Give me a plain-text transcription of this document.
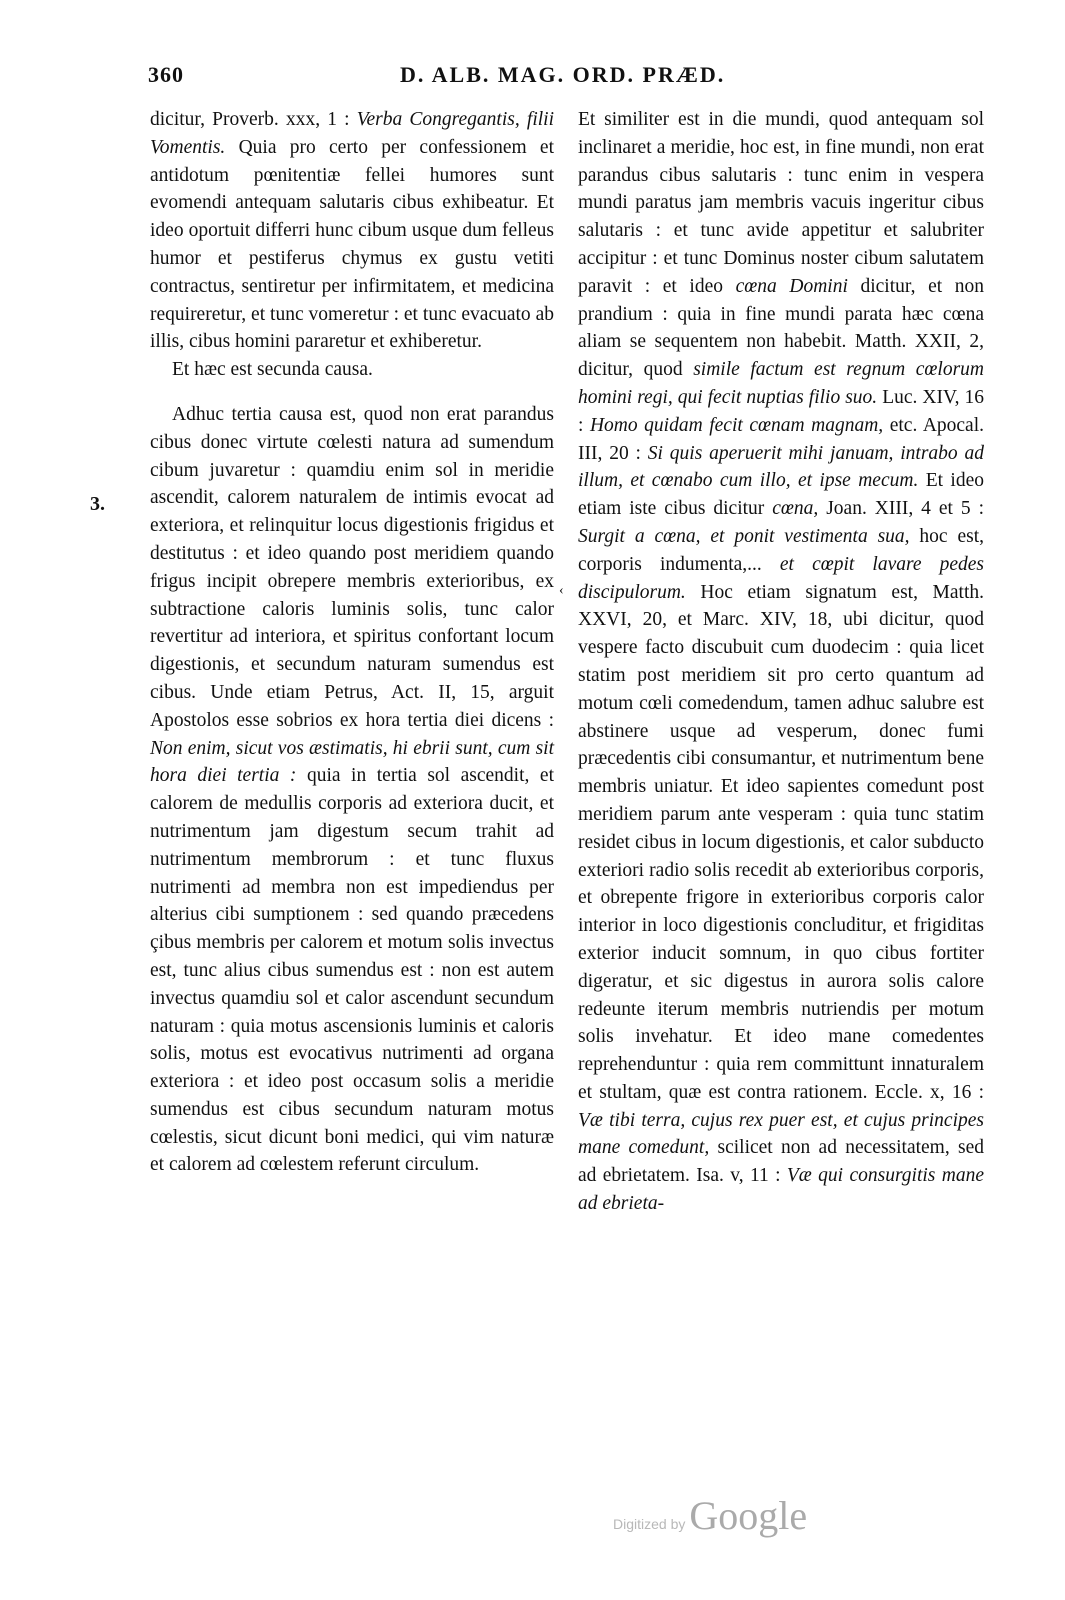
360	D. ALB. MAG. ORD. PRÆD.
3.
‹

dicitur, Proverb. xxx, 1 : Verba Congregantis, filii Vomentis. Quia pro certo per confessionem et antidotum pœnitentiæ fellei humores sunt evomendi antequam salutaris cibus exhibeatur. Et ideo oportuit differri hunc cibum usque dum felleus humor et pestiferus chymus ex gustu vetiti contractus, sentiretur per infirmitatem, et medicina requireretur, et tunc vomeretur : et tunc evacuato ab illis, cibus homini pararetur et exhiberetur.

Et hæc est secunda causa.

Adhuc tertia causa est, quod non erat parandus cibus donec virtute cœlesti natura ad sumendum cibum juvaretur : quamdiu enim sol in meridie ascendit, calorem naturalem de intimis evocat ad exteriora, et relinquitur locus digestionis frigidus et destitutus : et ideo quando post meridiem quando frigus incipit obrepere membris exterioribus, ex subtractione caloris luminis solis, tunc calor revertitur ad interiora, et spiritus confortant locum digestionis, et secundum naturam sumendus est cibus. Unde etiam Petrus, Act. II, 15, arguit Apostolos esse sobrios ex hora tertia diei dicens : Non enim, sicut vos æstimatis, hi ebrii sunt, cum sit hora diei tertia : quia in tertia sol ascendit, et calorem de medullis corporis ad exteriora ducit, et nutrimentum jam digestum secum trahit ad nutrimentum membrorum : et tunc fluxus nutrimenti ad membra non est impediendus per alterius cibi sumptionem : sed quando præcedens çibus membris per calorem et motum solis invectus est, tunc alius cibus sumendus est : non est autem invectus quamdiu sol et calor ascendunt secundum naturam : quia motus ascensionis luminis et caloris solis, motus est evocativus nutrimenti ad organa exteriora : et ideo post occasum solis a meridie sumendus est cibus secundum naturam motus cœlestis, sicut dicunt boni medici, qui vim naturæ et calorem ad cœlestem referunt circulum.

Et similiter est in die mundi, quod antequam sol inclinaret a meridie, hoc est, in fine mundi, non erat parandus cibus salutaris : tunc enim in vespera mundi paratus jam membris vacuis ingeritur cibus salutaris : et tunc avide appetitur et salubriter accipitur : et tunc Dominus noster cibum salutatem paravit : et ideo cœna Domini dicitur, et non prandium : quia in fine mundi parata hæc cœna aliam se sequentem non habebit. Matth. XXII, 2, dicitur, quod simile factum est regnum cœlorum homini regi, qui fecit nuptias filio suo. Luc. XIV, 16 : Homo quidam fecit cœnam magnam, etc. Apocal. III, 20 : Si quis aperuerit mihi januam, intrabo ad illum, et cœnabo cum illo, et ipse mecum. Et ideo etiam iste cibus dicitur cœna, Joan. XIII, 4 et 5 : Surgit a cœna, et ponit vestimenta sua, hoc est, corporis indumenta,... et cœpit lavare pedes discipulorum. Hoc etiam signatum est, Matth. XXVI, 20, et Marc. XIV, 18, ubi dicitur, quod vespere facto discubuit cum duodecim : quia licet statim post meridiem sit pro certo quantum ad motum cœli comedendum, tamen adhuc salubre est abstinere usque ad vesperum, donec fumi præcedentis cibi consumantur, et nutrimentum bene membris uniatur. Et ideo sapientes comedunt post meridiem parum ante vesperam : quia tunc statim residet cibus in locum digestionis, et calor subducto exteriori radio solis recedit ab exterioribus corporis, et obrepente frigore in exterioribus corporis calor interior in loco digestionis concluditur, et frigiditas exterior inducit somnum, in quo cibus fortiter digeratur, et sic digestus in aurora solis calore redeunte iterum membris nutriendis per motum solis invehatur. Et ideo mane comedentes reprehenduntur : quia rem committunt innaturalem et stultam, quæ est contra rationem. Eccle. x, 16 : Væ tibi terra, cujus rex puer est, et cujus principes mane comedunt, scilicet non ad necessitatem, sed ad ebrietatem. Isa. v, 11 : Væ qui consurgitis mane ad ebrieta-

Digitized by Google
